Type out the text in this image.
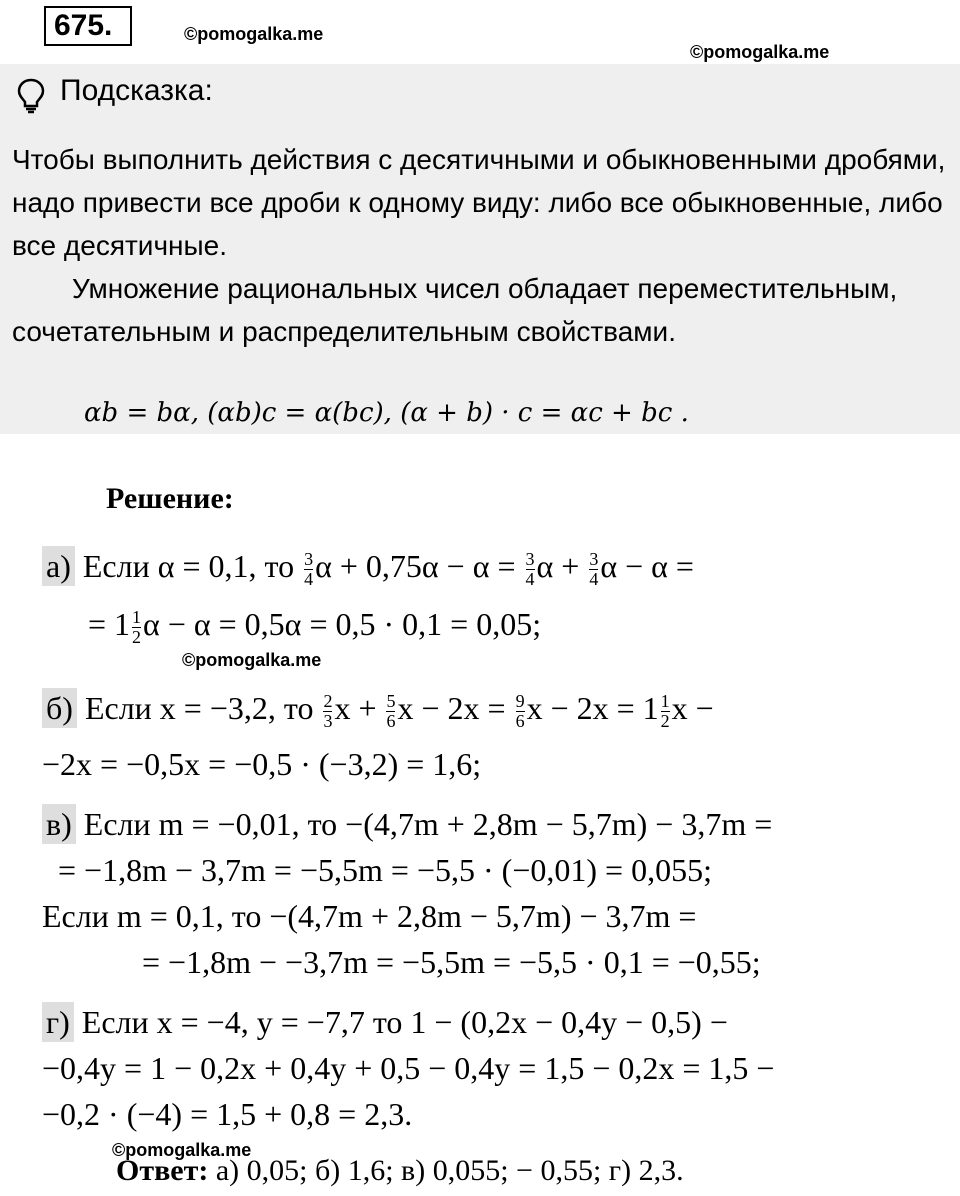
675.	©pomogalka.me
©pomogalka.me
Подсказка:

Чтобы выполнить действия с десятичными и обыкновенными дробями, надо привести все дроби к одному виду: либо все обыкновенные, либо все десятичные.

Умножение рациональных чисел обладает переместительным, сочетательным и распределительным свойствами.

αb = bα, (αb)c = α(bc), (α + b) · c = αc + bc .
Решение:
а) Если α = 0,1, то $\frac{3}{4}$ $\alpha + 0,75\alpha - \alpha = \frac{3}{4}$ $\alpha + \frac{3}{4}$ α − α =
= $1 \frac{1}{2}$ α − α = 0,5α = 0,5 · 0,1 = 0,05;
©pomogalka.me
б) Если x = −3,2, то $\frac{2}{3}$ $x + \frac{5}{6}$ $x - 2x = \frac{9}{6}$ $x - 2x = 1 \frac{1}{2}$ x −
−2x = −0,5x = −0,5 · (−3,2) = 1,6;
в) Если m = −0,01, то −(4,7m + 2,8m − 5,7m) − 3,7m =
= −1,8m − 3,7m = −5,5m = −5,5 · (−0,01) = 0,055;
Если m = 0,1, то −(4,7m + 2,8m − 5,7m) − 3,7m =
= −1,8m − −3,7m = −5,5m = −5,5 · 0,1 = −0,55;
г) Если x = −4, y = −7,7 то 1 − (0,2x − 0,4y − 0,5) −
−0,4y = 1 − 0,2x + 0,4y + 0,5 − 0,4y = 1,5 − 0,2x = 1,5 −
−0,2 · (−4) = 1,5 + 0,8 = 2,3.
©pomogalka.me
Ответ: а) 0,05; б) 1,6; в) 0,055; − 0,55; г) 2,3.
